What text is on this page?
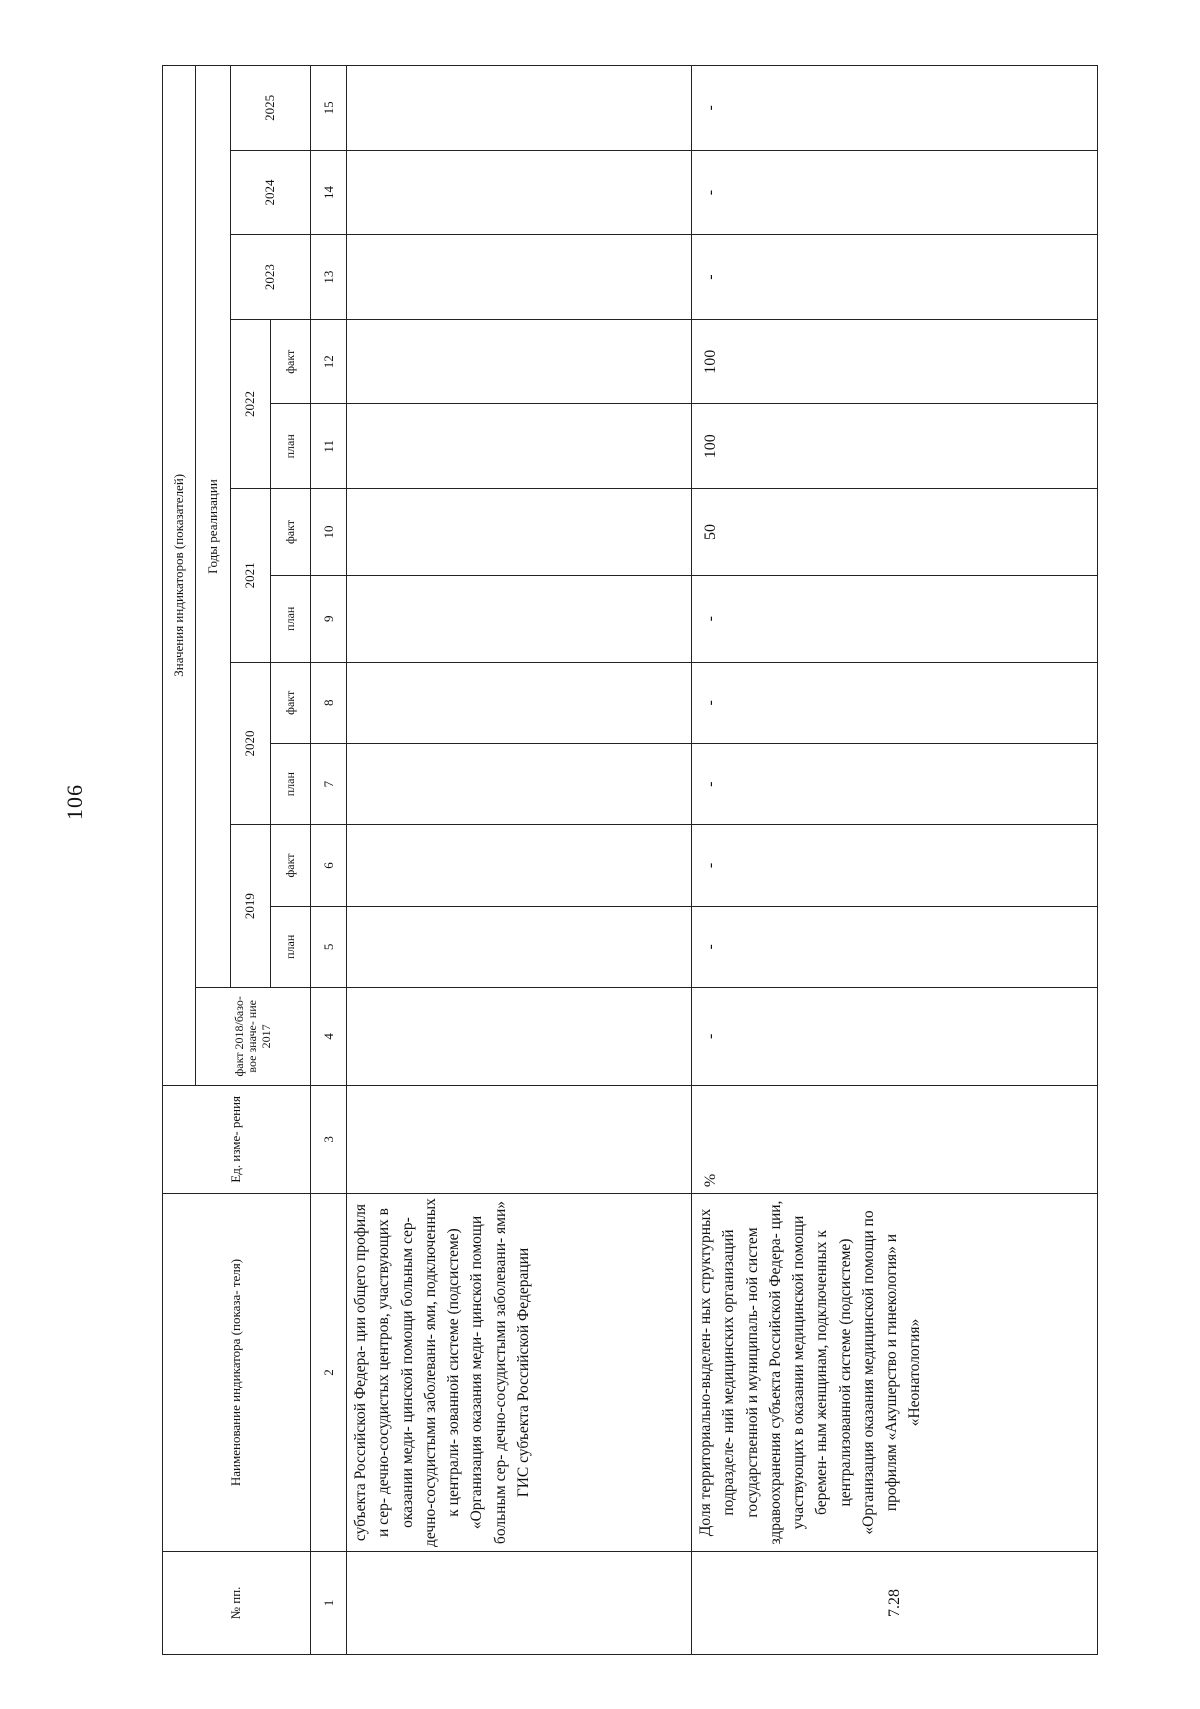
106
№ пп.	Наименование индикатора (показа- теля)	Ед. изме- рения	Значения индикаторов (показателей)											
			факт 2018/базо- вое значе- ние 2017	Годы реализации										
				2019		2020		2021		2022		2023	2024	2025
				план	факт	план	факт	план	факт	план	факт			
1	2	3	4	5	6	7	8	9	10	11	12	13	14	15
	субъекта Российской Федера- ции общего профиля и сер- дечно-сосудистых центров, участвующих в оказании меди- цинской помощи больным сер- дечно-сосудистыми заболевани- ями, подключенных к централи- зованной системе (подсистеме) «Организация оказания меди- цинской помощи больным сер- дечно-сосудистыми заболевани- ями» ГИС субъекта Российской Федерации													
7.28	Доля территориально-выделен- ных структурных подразделе- ний медицинских организаций государственной и муниципаль- ной систем здравоохранения субъекта Российской Федера- ции, участвующих в оказании медицинской помощи беремен- ным женщинам, подключенных к централизованной системе (подсистеме) «Организация оказания медицинской помощи по профилям «Акушерство и гинекология» и «Неонатология»	%	-	-	-	-	-	-	50	100	100	-	-	-
